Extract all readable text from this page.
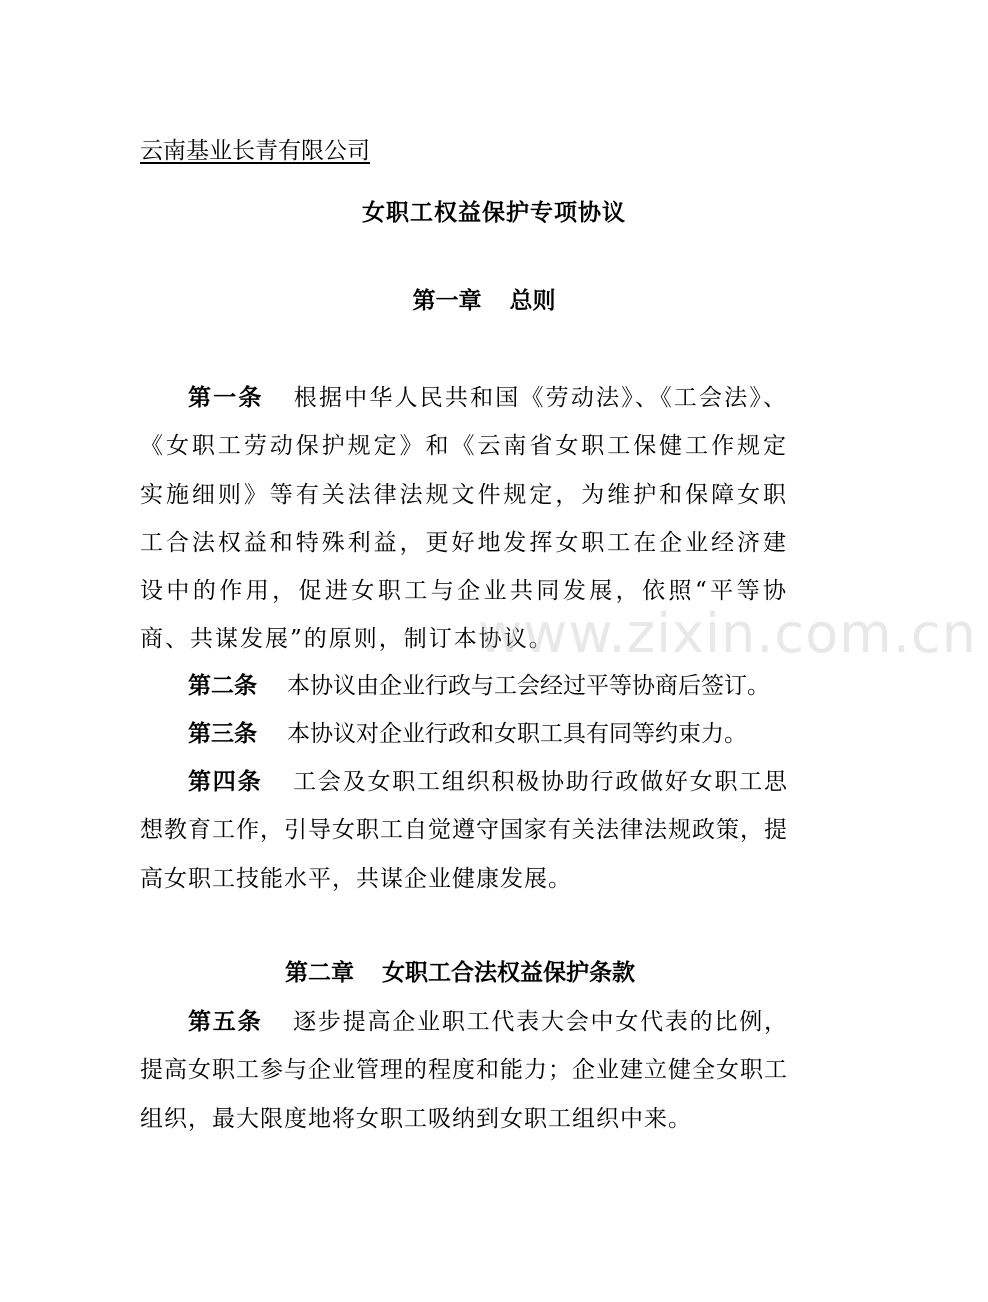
云南基业长青有限公司
女职工权益保护专项协议
第一章 总则
第一条 根据中华人民共和国《劳动法》、《工会法》、《女职工劳动保护规定》和《云南省女职工保健工作规定实施细则》等有关法律法规文件规定，为维护和保障女职工合法权益和特殊利益，更好地发挥女职工在企业经济建设中的作用，促进女职工与企业共同发展，依照“平等协商、共谋发展”的原则，制订本协议。
第二条 本协议由企业行政与工会经过平等协商后签订。
第三条 本协议对企业行政和女职工具有同等约束力。
第四条 工会及女职工组织积极协助行政做好女职工思想教育工作，引导女职工自觉遵守国家有关法律法规政策，提高女职工技能水平，共谋企业健康发展。
第二章 女职工合法权益保护条款
第五条 逐步提高企业职工代表大会中女代表的比例，提高女职工参与企业管理的程度和能力；企业建立健全女职工组织，最大限度地将女职工吸纳到女职工组织中来。
www.zixin.com.cn
